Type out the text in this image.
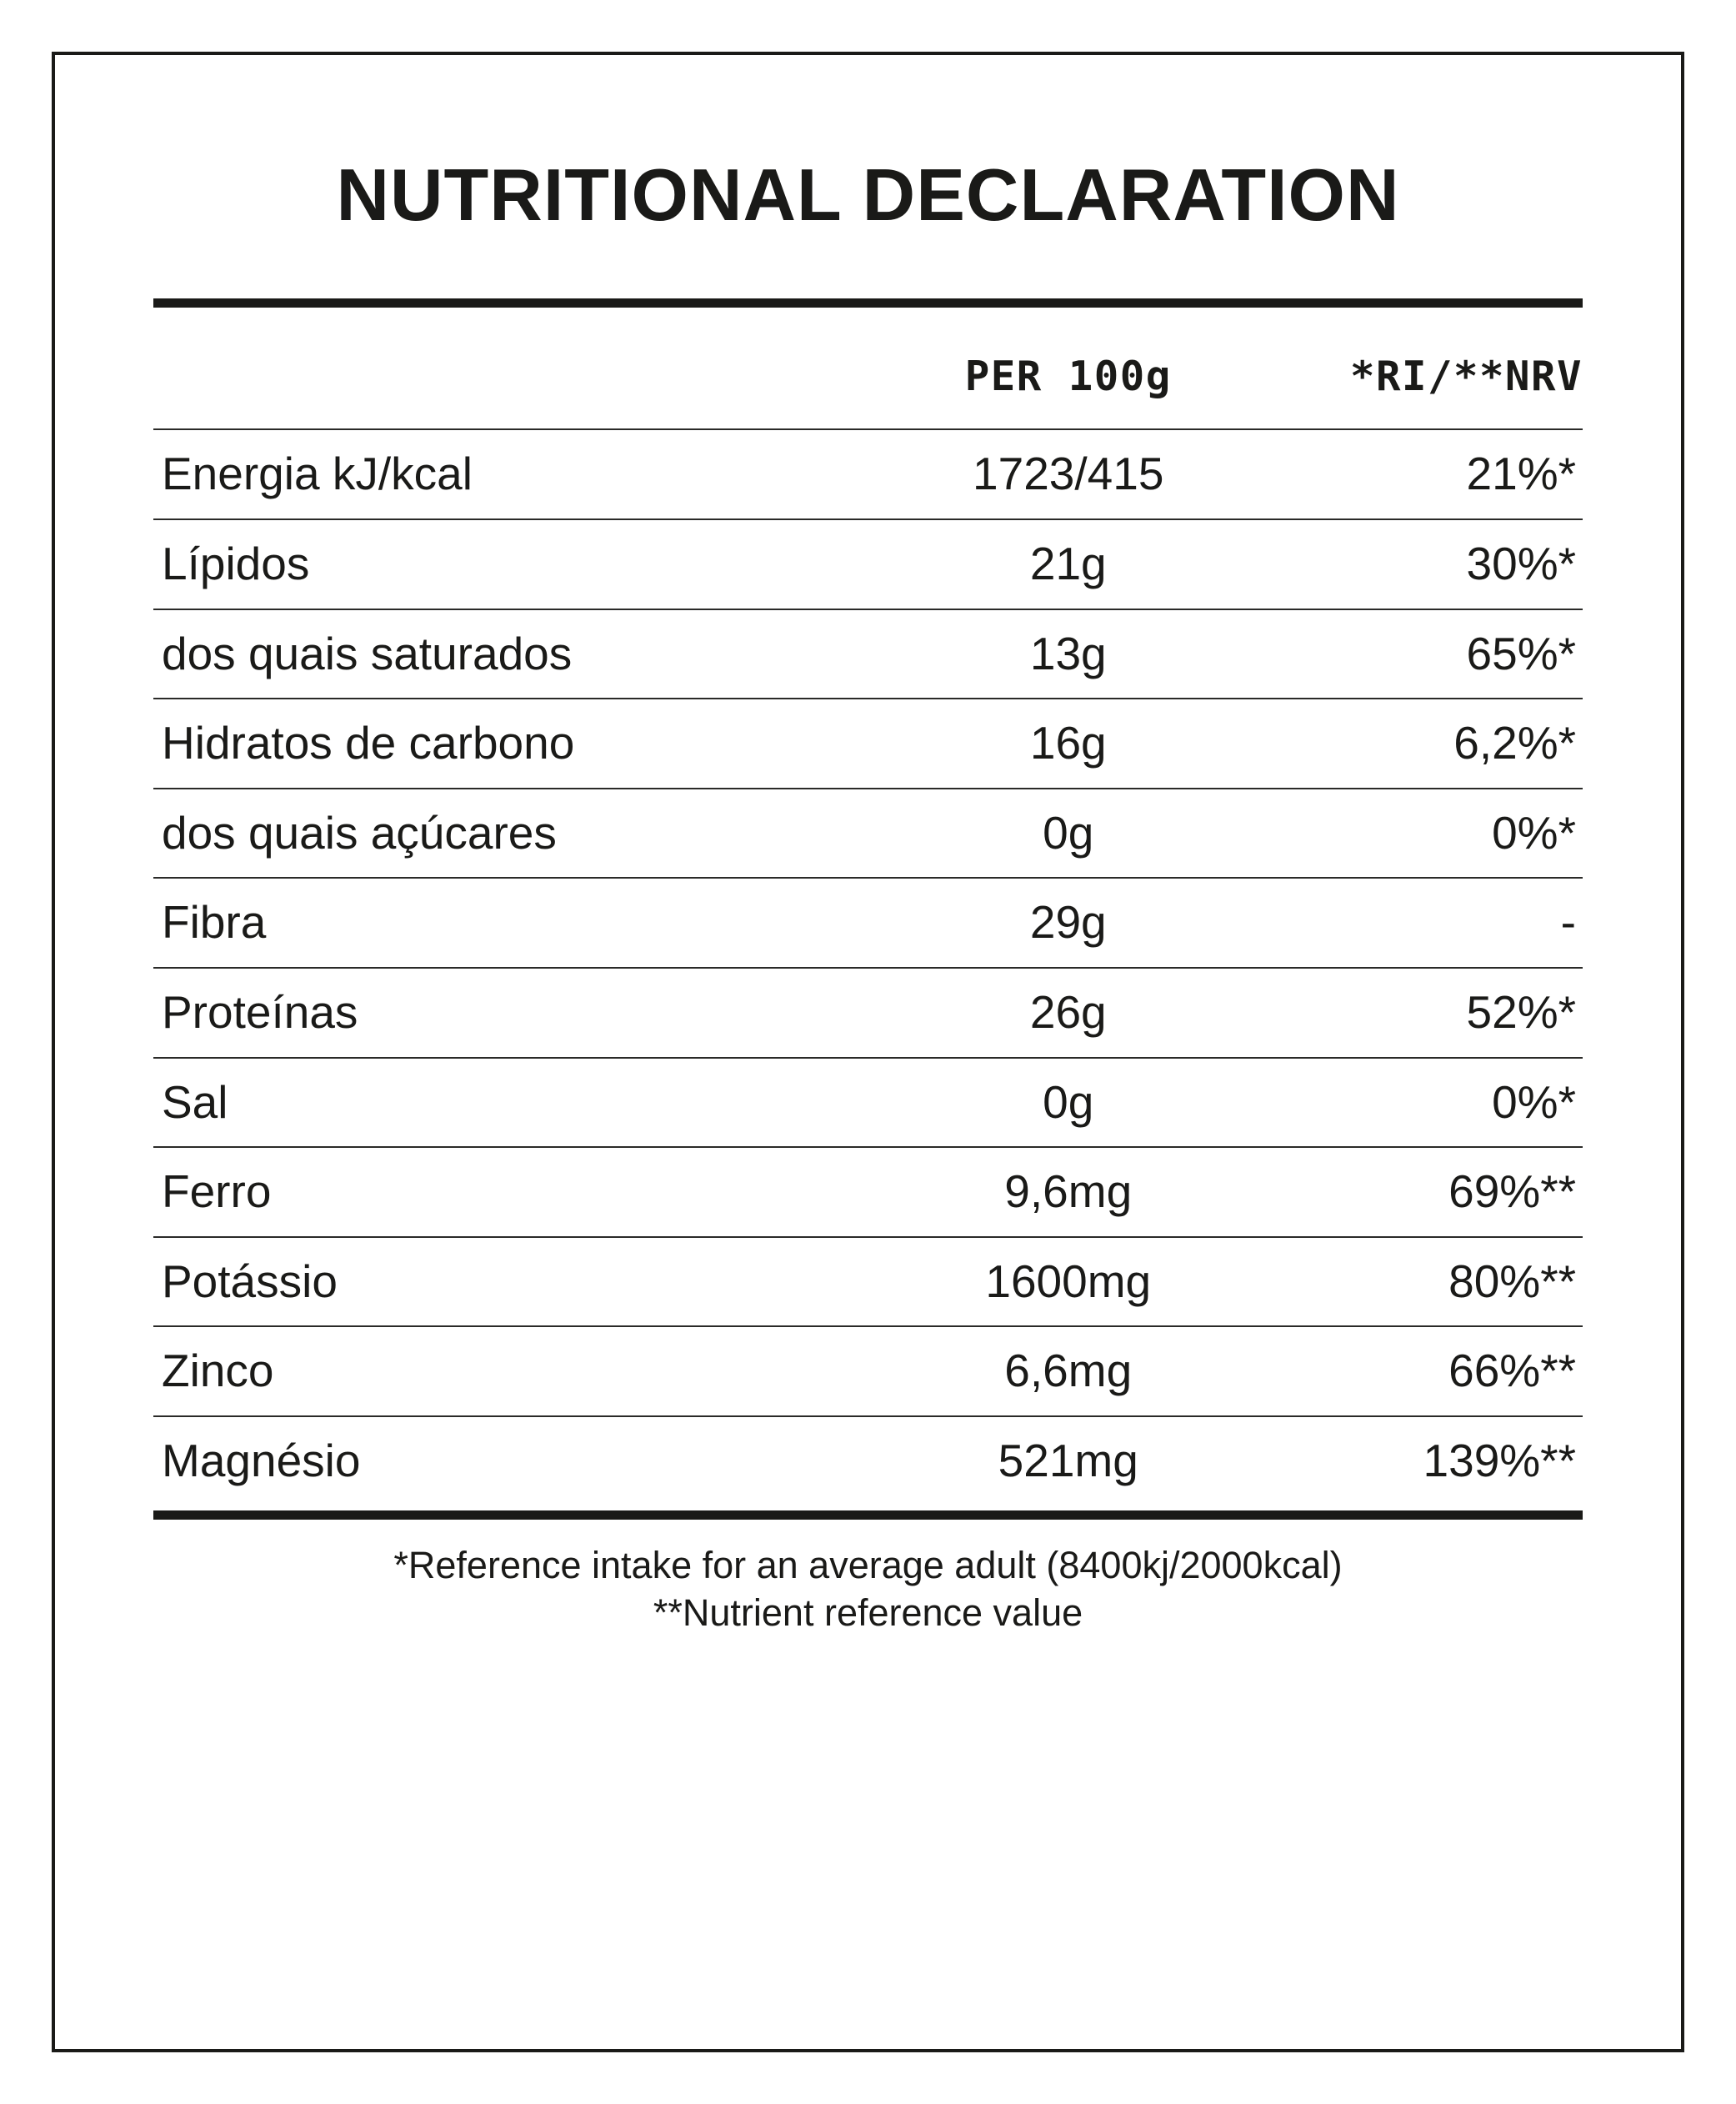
NUTRITIONAL DECLARATION
	PER 100g	*RI/**NRV
Energia kJ/kcal	1723/415	21%*
Lípidos	21g	30%*
dos quais saturados	13g	65%*
Hidratos de carbono	16g	6,2%*
dos quais açúcares	0g	0%*
Fibra	29g	-
Proteínas	26g	52%*
Sal	0g	0%*
Ferro	9,6mg	69%**
Potássio	1600mg	80%**
Zinco	6,6mg	66%**
Magnésio	521mg	139%**
*Reference intake for an average adult (8400kj/2000kcal)
**Nutrient reference value
